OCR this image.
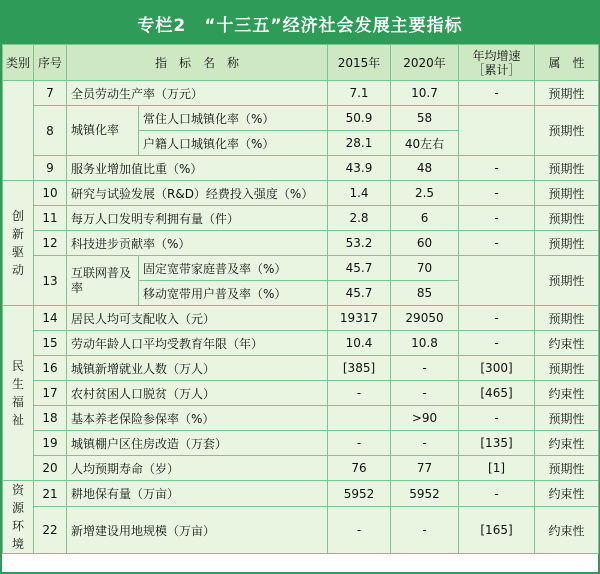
专栏2　“十三五”经济社会发展主要指标
类别	序号	指　标　名　称		2015年	2020年	年均增速［累计］	属　性
	7	全员劳动生产率（万元）		7.1	10.7	-	预期性
	8	城镇化率	常住人口城镇化率（%）	50.9	58		预期性
			户籍人口城镇化率（%）	28.1	40左右		
	9	服务业增加值比重（%）		43.9	48	-	预期性
创新驱动	10	研究与试验发展（R&D）经费投入强度（%）		1.4	2.5	-	预期性
	11	每万人口发明专利拥有量（件）		2.8	6	-	预期性
	12	科技进步贡献率（%）		53.2	60	-	预期性
	13	互联网普及率	固定宽带家庭普及率（%）	45.7	70		预期性
			移动宽带用户普及率（%）	45.7	85		
民生福祉	14	居民人均可支配收入（元）		19317	29050	-	预期性
	15	劳动年龄人口平均受教育年限（年）		10.4	10.8	-	约束性
	16	城镇新增就业人数（万人）		[385]	-	[300]	预期性
	17	农村贫困人口脱贫（万人）		-	-	[465]	约束性
	18	基本养老保险参保率（%）			>90	-	预期性
	19	城镇棚户区住房改造（万套）		-	-	[135]	约束性
	20	人均预期寿命（岁）		76	77	[1]	预期性
资源环境	21	耕地保有量（万亩）		5952	5952	-	约束性
	22	新增建设用地规模（万亩）		-	-	[165]	约束性
